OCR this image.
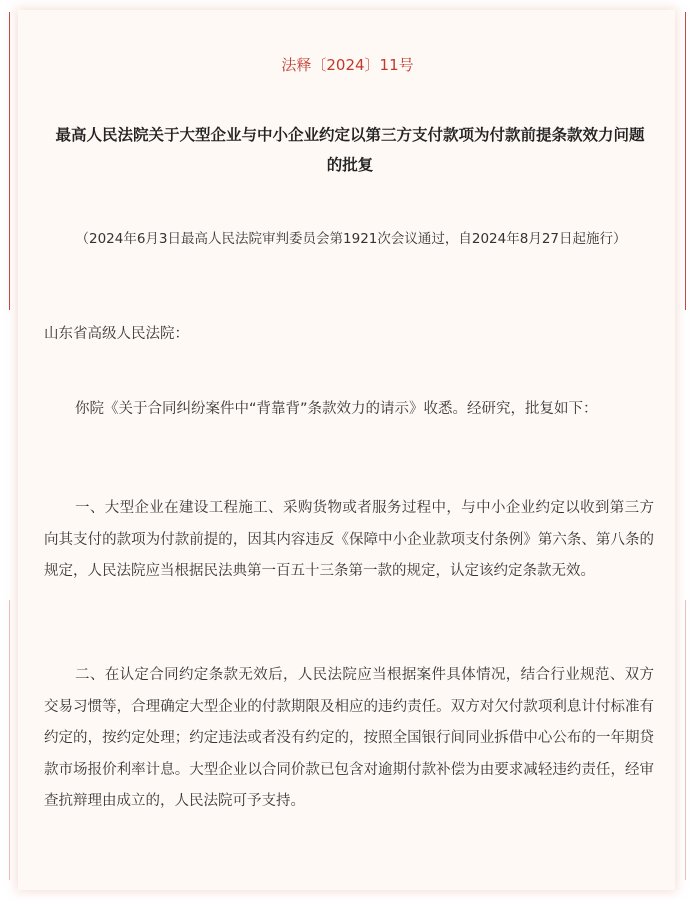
法释〔2024〕11号
最高人民法院关于大型企业与中小企业约定以第三方支付款项为付款前提条款效力问题的批复
（2024年6月3日最高人民法院审判委员会第1921次会议通过，自2024年8月27日起施行）
山东省高级人民法院：
你院《关于合同纠纷案件中“背靠背”条款效力的请示》收悉。经研究，批复如下：
一、大型企业在建设工程施工、采购货物或者服务过程中，与中小企业约定以收到第三方向其支付的款项为付款前提的，因其内容违反《保障中小企业款项支付条例》第六条、第八条的规定，人民法院应当根据民法典第一百五十三条第一款的规定，认定该约定条款无效。
二、在认定合同约定条款无效后，人民法院应当根据案件具体情况，结合行业规范、双方交易习惯等，合理确定大型企业的付款期限及相应的违约责任。双方对欠付款项利息计付标准有约定的，按约定处理；约定违法或者没有约定的，按照全国银行间同业拆借中心公布的一年期贷款市场报价利率计息。大型企业以合同价款已包含对逾期付款补偿为由要求减轻违约责任，经审查抗辩理由成立的，人民法院可予支持。
